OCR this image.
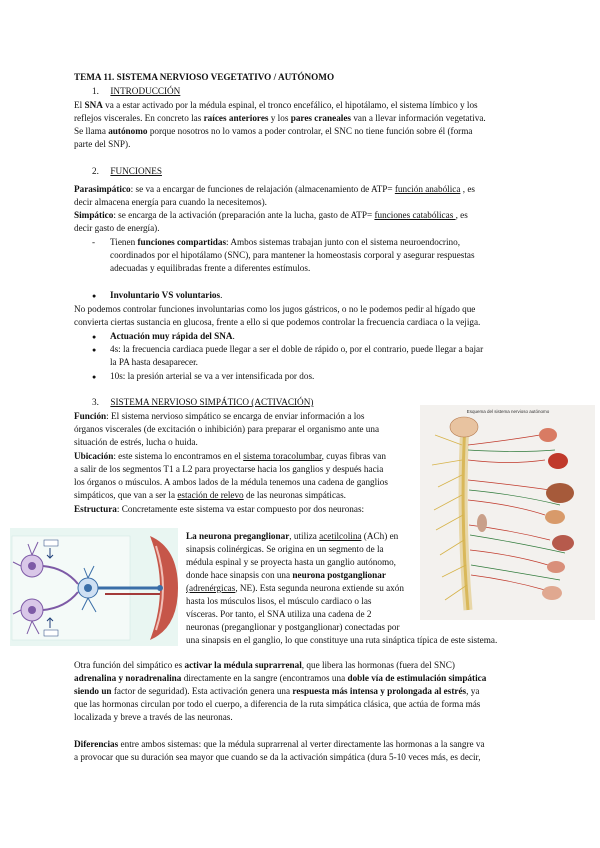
TEMA 11. SISTEMA NERVIOSO VEGETATIVO / AUTÓNOMO
1. INTRODUCCIÓN
El SNA va a estar activado por la médula espinal, el tronco encefálico, el hipotálamo, el sistema límbico y los
reflejos viscerales. En concreto las raíces anteriores y los pares craneales van a llevar información vegetativa.
Se llama autónomo porque nosotros no lo vamos a poder controlar, el SNC no tiene función sobre él (forma
parte del SNP).
2. FUNCIONES
Parasimpático: se va a encargar de funciones de relajación (almacenamiento de ATP= función anabólica , es
decir almacena energía para cuando la necesitemos).
Simpático: se encarga de la activación (preparación ante la lucha, gasto de ATP= funciones catabólicas , es
decir gasto de energía).
- Tienen funciones compartidas: Ambos sistemas trabajan junto con el sistema neuroendocrino,
coordinados por el hipotálamo (SNC), para mantener la homeostasis corporal y asegurar respuestas
adecuadas y equilibradas frente a diferentes estímulos.
● Involuntario VS voluntarios.
No podemos controlar funciones involuntarias como los jugos gástricos, o no le podemos pedir al hígado que
convierta ciertas sustancia en glucosa, frente a ello si que podemos controlar la frecuencia cardiaca o la vejiga.
● Actuación muy rápida del SNA.
● 4s: la frecuencia cardiaca puede llegar a ser el doble de rápido o, por el contrario, puede llegar a bajar
la PA hasta desaparecer.
● 10s: la presión arterial se va a ver intensificada por dos.
3. SISTEMA NERVIOSO SIMPÁTICO (ACTIVACIÓN)
Función: El sistema nervioso simpático se encarga de enviar información a los
órganos viscerales (de excitación o inhibición) para preparar el organismo ante una
situación de estrés, lucha o huida.
Ubicación: este sistema lo encontramos en el sistema toracolumbar, cuyas fibras van
a salir de los segmentos T1 a L2 para proyectarse hacia los ganglios y después hacia
los órganos o músculos. A ambos lados de la médula tenemos una cadena de ganglios
simpáticos, que van a ser la estación de relevo de las neuronas simpáticas.
Estructura: Concretamente este sistema va estar compuesto por dos neuronas:
La neurona preganglionar, utiliza acetilcolina (ACh) en
sinapsis colinérgicas. Se origina en un segmento de la
médula espinal y se proyecta hasta un ganglio autónomo,
donde hace sinapsis con una neurona postganglionar
(adrenérgicas, NE). Esta segunda neurona extiende su axón
hasta los músculos lisos, el músculo cardiaco o las
vísceras. Por tanto, el SNA utiliza una cadena de 2
neuronas (preganglionar y postganglionar) conectadas por
una sinapsis en el ganglio, lo que constituye una ruta sináptica típica de este sistema.
Esquema del sistema nervioso autónomo
Otra función del simpático es activar la médula suprarrenal, que libera las hormonas (fuera del SNC)
adrenalina y noradrenalina directamente en la sangre (encontramos una doble vía de estimulación simpática
siendo un factor de seguridad). Esta activación genera una respuesta más intensa y prolongada al estrés, ya
que las hormonas circulan por todo el cuerpo, a diferencia de la ruta simpática clásica, que actúa de forma más
localizada y breve a través de las neuronas.
Diferencias entre ambos sistemas: que la médula suprarrenal al verter directamente las hormonas a la sangre va
a provocar que su duración sea mayor que cuando se da la activación simpática (dura 5-10 veces más, es decir,
